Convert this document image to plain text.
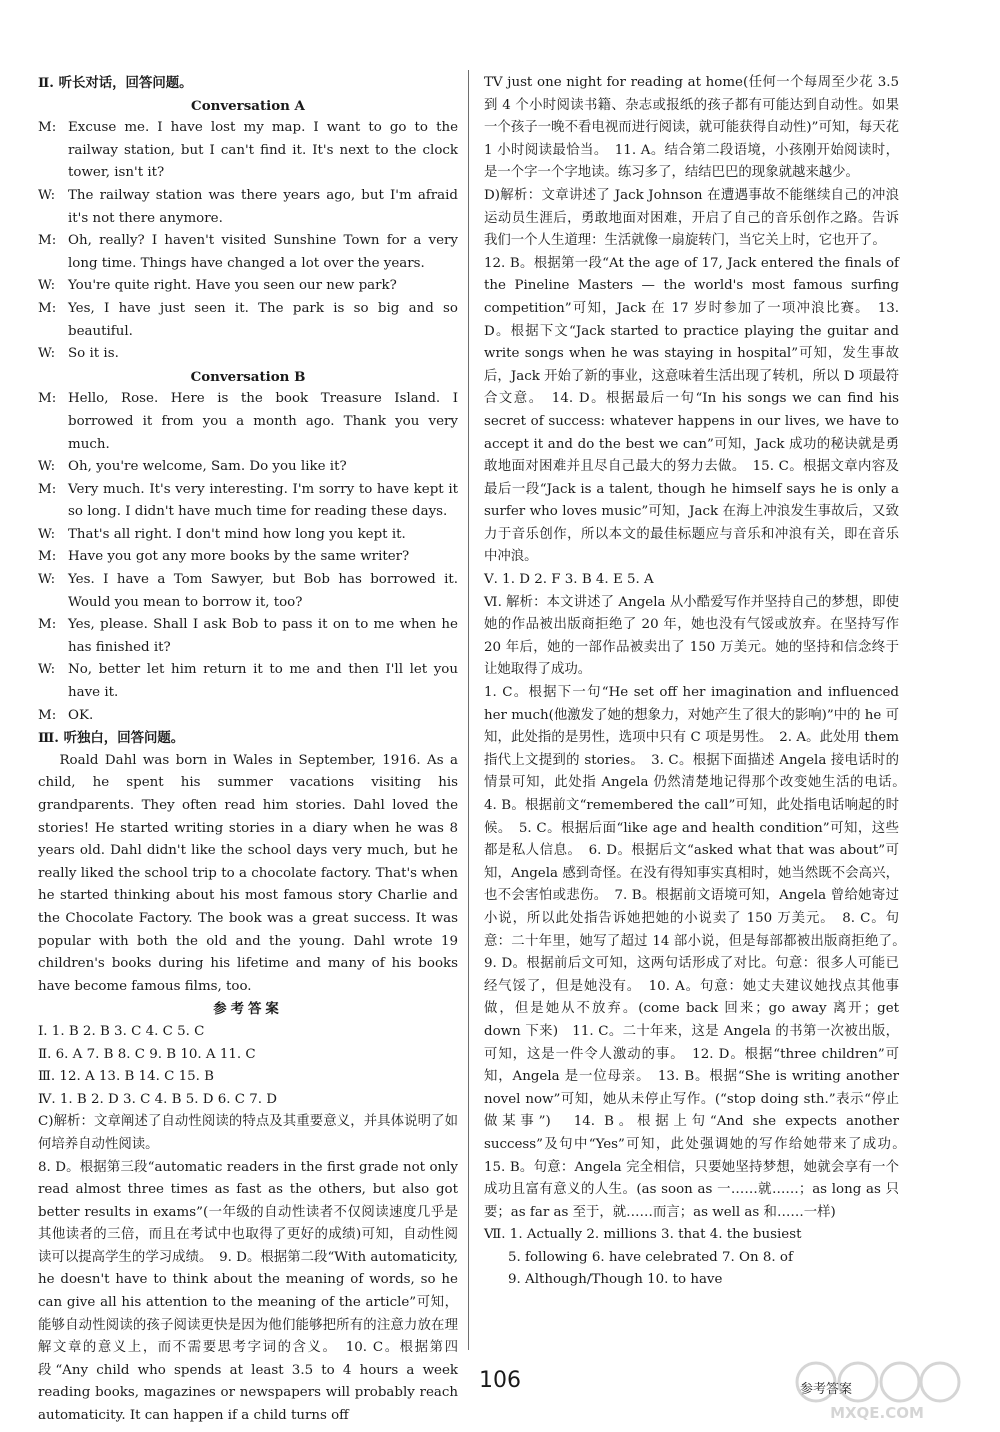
Ⅱ. 听长对话，回答问题。

Conversation A

M: Excuse me. I have lost my map. I want to go to the railway station, but I can't find it. It's next to the clock tower, isn't it?
W: The railway station was there years ago, but I'm afraid it's not there anymore.
M: Oh, really? I haven't visited Sunshine Town for a very long time. Things have changed a lot over the years.
W: You're quite right. Have you seen our new park?
M: Yes, I have just seen it. The park is so big and so beautiful.
W: So it is.

Conversation B

M: Hello, Rose. Here is the book Treasure Island. I borrowed it from you a month ago. Thank you very much.
W: Oh, you're welcome, Sam. Do you like it?
M: Very much. It's very interesting. I'm sorry to have kept it so long. I didn't have much time for reading these days.
W: That's all right. I don't mind how long you kept it.
M: Have you got any more books by the same writer?
W: Yes. I have a Tom Sawyer, but Bob has borrowed it. Would you mean to borrow it, too?
M: Yes, please. Shall I ask Bob to pass it on to me when he has finished it?
W: No, better let him return it to me and then I'll let you have it.
M: OK.

Ⅲ. 听独白，回答问题。

Roald Dahl was born in Wales in September, 1916. As a child, he spent his summer vacations visiting his grandparents. They often read him stories. Dahl loved the stories! He started writing stories in a diary when he was 8 years old. Dahl didn't like the school days very much, but he really liked the school trip to a chocolate factory. That's when he started thinking about his most famous story Charlie and the Chocolate Factory. The book was a great success. It was popular with both the old and the young. Dahl wrote 19 children's books during his lifetime and many of his books have become famous films, too.

参考答案

Ⅰ. 1. B 2. B 3. C 4. C 5. C

Ⅱ. 6. A 7. B 8. C 9. B 10. A 11. C

Ⅲ. 12. A 13. B 14. C 15. B

Ⅳ. 1. B 2. D 3. C 4. B 5. D 6. C 7. D

C)解析：文章阐述了自动性阅读的特点及其重要意义，并具体说明了如何培养自动性阅读。

8. D。根据第三段“automatic readers in the first grade not only read almost three times as fast as the others, but also got better results in exams”(一年级的自动性读者不仅阅读速度几乎是其他读者的三倍，而且在考试中也取得了更好的成绩)可知，自动性阅读可以提高学生的学习成绩。　9. D。根据第二段“With automaticity, he doesn't have to think about the meaning of words, so he can give all his attention to the meaning of the article”可知，能够自动性阅读的孩子阅读更快是因为他们能够把所有的注意力放在理解文章的意义上，而不需要思考字词的含义。　10. C。根据第四段“Any child who spends at least 3.5 to 4 hours a week reading books, magazines or newspapers will probably reach automaticity. It can happen if a child turns off

TV just one night for reading at home(任何一个每周至少花 3.5 到 4 个小时阅读书籍、杂志或报纸的孩子都有可能达到自动性。如果一个孩子一晚不看电视而进行阅读，就可能获得自动性)”可知，每天花 1 小时阅读最恰当。　11. A。结合第二段语境，小孩刚开始阅读时，是一个字一个字地读。练习多了，结结巴巴的现象就越来越少。

D)解析：文章讲述了 Jack Johnson 在遭遇事故不能继续自己的冲浪运动员生涯后，勇敢地面对困难，开启了自己的音乐创作之路。告诉我们一个人生道理：生活就像一扇旋转门，当它关上时，它也开了。

12. B。根据第一段“At the age of 17, Jack entered the finals of the Pineline Masters — the world's most famous surfing competition”可知，Jack 在 17 岁时参加了一项冲浪比赛。　13. D。根据下文“Jack started to practice playing the guitar and write songs when he was staying in hospital”可知，发生事故后，Jack 开始了新的事业，这意味着生活出现了转机，所以 D 项最符合文意。　14. D。根据最后一句“In his songs we can find his secret of success: whatever happens in our lives, we have to accept it and do the best we can”可知，Jack 成功的秘诀就是勇敢地面对困难并且尽自己最大的努力去做。　15. C。根据文章内容及最后一段“Jack is a talent, though he himself says he is only a surfer who loves music”可知，Jack 在海上冲浪发生事故后，又致力于音乐创作，所以本文的最佳标题应与音乐和冲浪有关，即在音乐中冲浪。

Ⅴ. 1. D 2. F 3. B 4. E 5. A

Ⅵ. 解析：本文讲述了 Angela 从小酷爱写作并坚持自己的梦想，即使她的作品被出版商拒绝了 20 年，她也没有气馁或放弃。在坚持写作 20 年后，她的一部作品被卖出了 150 万美元。她的坚持和信念终于让她取得了成功。

1. C。根据下一句“He set off her imagination and influenced her much(他激发了她的想象力，对她产生了很大的影响)”中的 he 可知，此处指的是男性，选项中只有 C 项是男性。　2. A。此处用 them 指代上文提到的 stories。　3. C。根据下面描述 Angela 接电话时的情景可知，此处指 Angela 仍然清楚地记得那个改变她生活的电话。　4. B。根据前文“remembered the call”可知，此处指电话响起的时候。　5. C。根据后面“like age and health condition”可知，这些都是私人信息。　6. D。根据后文“asked what that was about”可知，Angela 感到奇怪。在没有得知事实真相时，她当然既不会高兴，也不会害怕或悲伤。　7. B。根据前文语境可知，Angela 曾给她寄过小说，所以此处指告诉她把她的小说卖了 150 万美元。　8. C。句意：二十年里，她写了超过 14 部小说，但是每部都被出版商拒绝了。　9. D。根据前后文可知，这两句话形成了对比。句意：很多人可能已经气馁了，但是她没有。　10. A。句意：她丈夫建议她找点其他事做，但是她从不放弃。(come back 回来；go away 离开；get down 下来)　11. C。二十年来，这是 Angela 的书第一次被出版，可知，这是一件令人激动的事。　12. D。根据“three children”可知，Angela 是一位母亲。　13. B。根据“She is writing another novel now”可知，她从未停止写作。(“stop doing sth.”表示“停止做某事”)　14. B。根据上句“And she expects another success”及句中“Yes”可知，此处强调她的写作给她带来了成功。　15. B。句意：Angela 完全相信，只要她坚持梦想，她就会享有一个成功且富有意义的人生。(as soon as 一……就……；as long as 只要；as far as 至于，就……而言；as well as 和……一样)

Ⅶ. 1. Actually 2. millions 3. that 4. the busiest

5. following 6. have celebrated 7. On 8. of

9. Although/Though 10. to have

106	参考答案
MXQE.COM
